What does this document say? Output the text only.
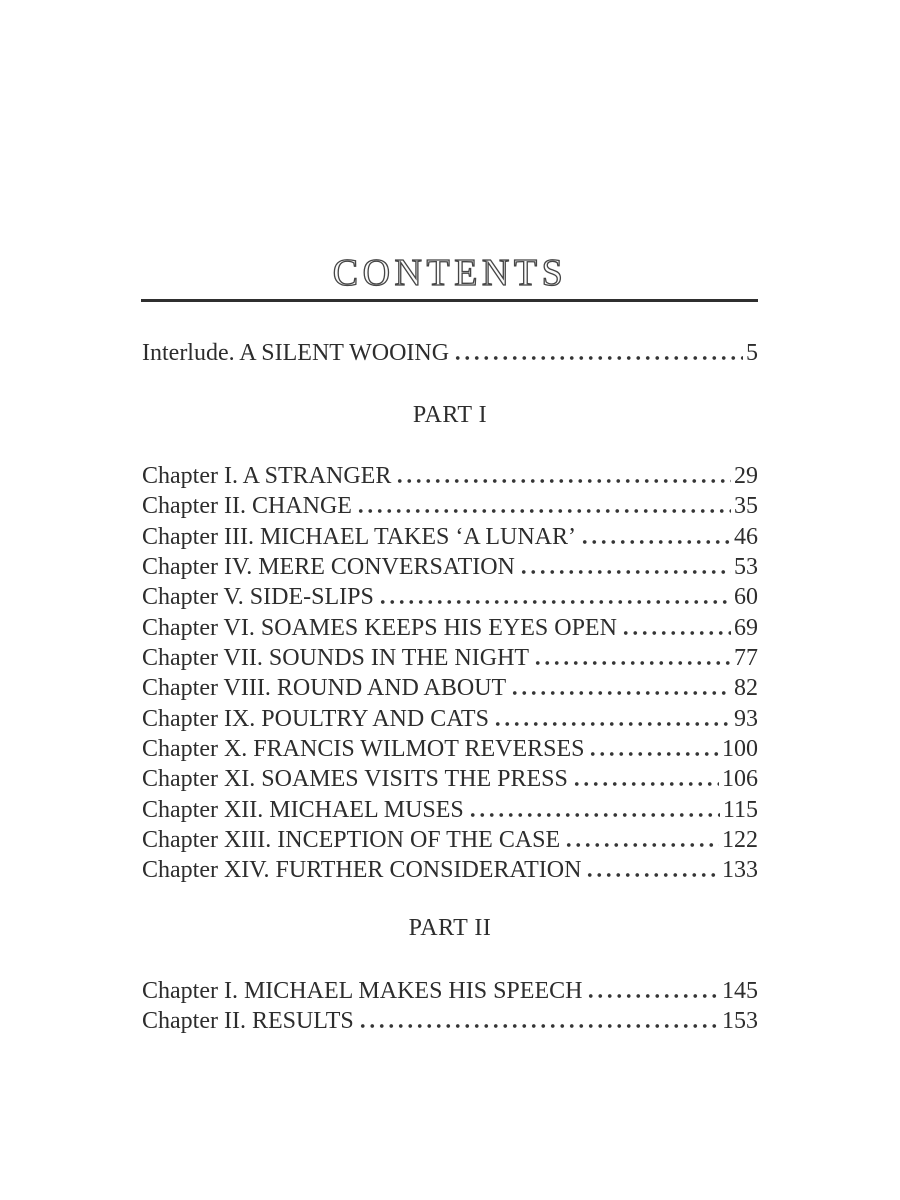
CONTENTS
Interlude. A SILENT WOOING	5
PART I
Chapter I. A STRANGER	29
Chapter II. CHANGE	35
Chapter III. MICHAEL TAKES ‘A LUNAR’	46
Chapter IV. MERE CONVERSATION	53
Chapter V. SIDE-SLIPS	60
Chapter VI. SOAMES KEEPS HIS EYES OPEN	69
Chapter VII. SOUNDS IN THE NIGHT	77
Chapter VIII. ROUND AND ABOUT	82
Chapter IX. POULTRY AND CATS	93
Chapter X. FRANCIS WILMOT REVERSES	100
Chapter XI. SOAMES VISITS THE PRESS	106
Chapter XII. MICHAEL MUSES	115
Chapter XIII. INCEPTION OF THE CASE	122
Chapter XIV. FURTHER CONSIDERATION	133
PART II
Chapter I. MICHAEL MAKES HIS SPEECH	145
Chapter II. RESULTS	153
